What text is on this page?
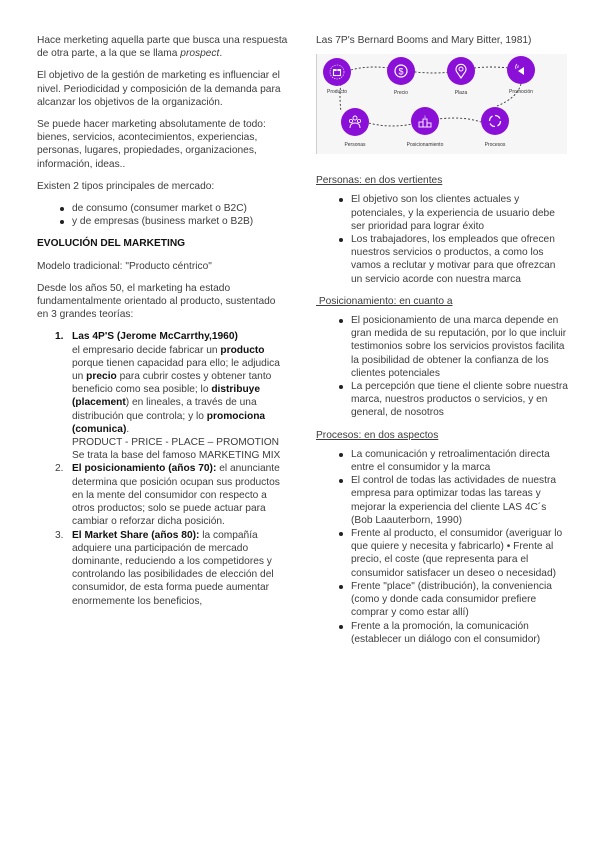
Hace merketing aquella parte que busca una respuesta de otra parte, a la que se llama prospect.

El objetivo de la gestión de marketing es influenciar el nivel. Periodicidad y composición de la demanda para alcanzar los objetivos de la organización.

Se puede hacer marketing absolutamente de todo: bienes, servicios, acontecimientos, experiencias, personas, lugares, propiedades, organizaciones, información, ideas..

Existen 2 tipos principales de mercado:

de consumo (consumer market o B2C)
y de empresas (business market o B2B)
EVOLUCIÓN DEL MARKETING

Modelo tradicional: "Producto céntrico"

Desde los años 50, el marketing ha estado fundamentalmente orientado al producto, sustentado en 3 grandes teorías:

1. Las 4P'S (Jerome McCarrthy,1960)
el empresario decide fabricar un producto porque tienen capacidad para ello; le adjudica un precio para cubrir costes y obtener tanto beneficio como sea posible; lo distribuye (placement) en lineales, a través de una distribución que controla; y lo promociona (comunica).
PRODUCT - PRICE - PLACE – PROMOTION
Se trata la base del famoso MARKETING MIX
2. El posicionamiento (años 70): el anunciante determina que posición ocupan sus productos en la mente del consumidor con respecto a otros productos; solo se puede actuar para cambiar o reforzar dicha posición.
3. El Market Share (años 80): la compañía adquiere una participación de mercado dominante, reduciendo a los competidores y controlando las posibilidades de elección del consumidor, de esta forma puede aumentar enormemente los beneficios,

Las 7P's Bernard Booms and Mary Bitter, 1981)

Producto
$
Precio	Plaza	Promoción
Personas
1
Posicionamiento	Procesos
Personas: en dos vertientes
El objetivo son los clientes actuales y potenciales, y la experiencia de usuario debe ser prioridad para lograr éxito
Los trabajadores, los empleados que ofrecen nuestros servicios o productos, a como los vamos a reclutar y motivar para que ofrezcan un servicio acorde con nuestra marca
Posicionamiento: en cuanto a
El posicionamiento de una marca depende en gran medida de su reputación, por lo que incluir testimonios sobre los servicios provistos facilita la posibilidad de obtener la confianza de los clientes potenciales
La percepción que tiene el cliente sobre nuestra marca, nuestros productos o servicios, y en general, de nosotros
Procesos: en dos aspectos
La comunicación y retroalimentación directa entre el consumidor y la marca
El control de todas las actividades de nuestra empresa para optimizar todas las tareas y mejorar la experiencia del cliente LAS 4C´s (Bob Laauterborn, 1990)
Frente al producto, el consumidor (averiguar lo que quiere y necesita y fabricarlo) • Frente al precio, el coste (que representa para el consumidor satisfacer un deseo o necesidad)
Frente "place" (distribución), la conveniencia (como y donde cada consumidor prefiere comprar y como estar allí)
Frente a la promoción, la comunicación (establecer un diálogo con el consumidor)
